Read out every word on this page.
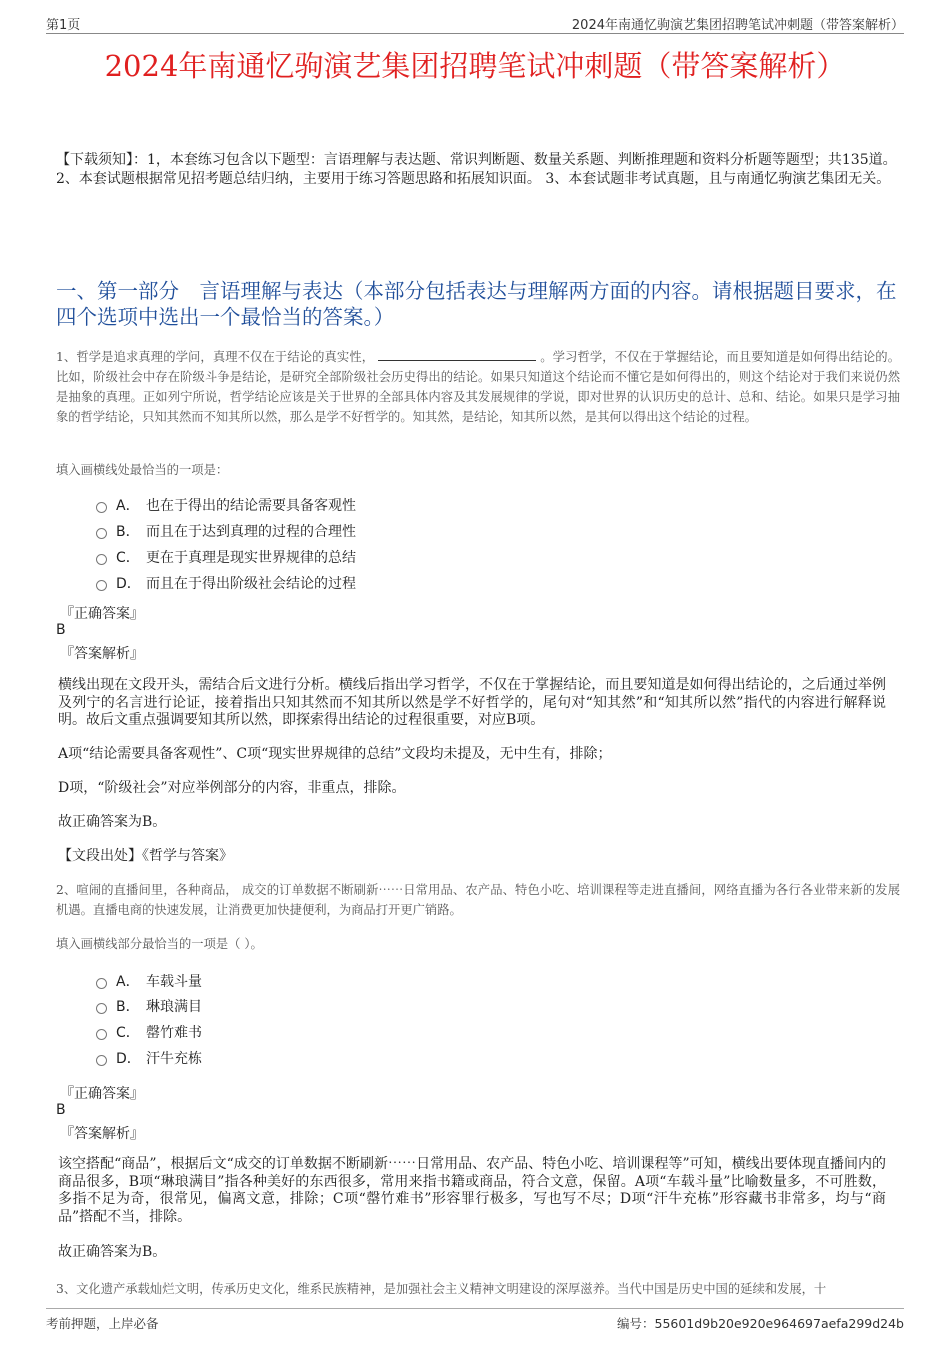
第1页	2024年南通忆驹演艺集团招聘笔试冲刺题（带答案解析）
2024年南通忆驹演艺集团招聘笔试冲刺题（带答案解析）
【下载须知】：1，本套练习包含以下题型：言语理解与表达题、常识判断题、数量关系题、判断推理题和资料分析题等题型；共135道。 2、本套试题根据常见招考题总结归纳，主要用于练习答题思路和拓展知识面。 3、本套试题非考试真题，且与南通忆驹演艺集团无关。
一、第一部分　言语理解与表达（本部分包括表达与理解两方面的内容。请根据题目要求，在四个选项中选出一个最恰当的答案。）
1、哲学是追求真理的学问，真理不仅在于结论的真实性，	。学习哲学，不仅在于掌握结论，而且要知道是如何得出结论的。比如，阶级社会中存在阶级斗争是结论，是研究全部阶级社会历史得出的结论。如果只知道这个结论而不懂它是如何得出的，则这个结论对于我们来说仍然是抽象的真理。正如列宁所说，哲学结论应该是关于世界的全部具体内容及其发展规律的学说，即对世界的认识历史的总计、总和、结论。如果只是学习抽象的哲学结论，只知其然而不知其所以然，那么是学不好哲学的。知其然，是结论，知其所以然，是其何以得出这个结论的过程。
填入画横线处最恰当的一项是：
A． 也在于得出的结论需要具备客观性
B． 而且在于达到真理的过程的合理性
C． 更在于真理是现实世界规律的总结
D． 而且在于得出阶级社会结论的过程
『正确答案』
B
『答案解析』
横线出现在文段开头，需结合后文进行分析。横线后指出学习哲学，不仅在于掌握结论，而且要知道是如何得出结论的，之后通过举例及列宁的名言进行论证，接着指出只知其然而不知其所以然是学不好哲学的，尾句对“知其然”和“知其所以然”指代的内容进行解释说明。故后文重点强调要知其所以然，即探索得出结论的过程很重要，对应B项。
A项“结论需要具备客观性”、C项“现实世界规律的总结”文段均未提及，无中生有，排除；
D项，“阶级社会”对应举例部分的内容，非重点，排除。
故正确答案为B。
【文段出处】《哲学与答案》
2、喧闹的直播间里，各种商品， 成交的订单数据不断刷新⋯⋯日常用品、农产品、特色小吃、培训课程等走进直播间，网络直播为各行各业带来新的发展机遇。直播电商的快速发展，让消费更加快捷便利，为商品打开更广销路。
填入画横线部分最恰当的一项是（ ）。
A． 车载斗量
B． 琳琅满目
C． 罄竹难书
D． 汗牛充栋
『正确答案』
B
『答案解析』
该空搭配“商品”，根据后文“成交的订单数据不断刷新⋯⋯日常用品、农产品、特色小吃、培训课程等”可知，横线出要体现直播间内的商品很多，B项“琳琅满目”指各种美好的东西很多，常用来指书籍或商品，符合文意，保留。A项“车载斗量”比喻数量多，不可胜数，多指不足为奇，很常见，偏离文意，排除；C项“罄竹难书”形容罪行极多，写也写不尽；D项“汗牛充栋”形容藏书非常多，均与“商品”搭配不当，排除。
故正确答案为B。
3、文化遗产承载灿烂文明，传承历史文化，维系民族精神，是加强社会主义精神文明建设的深厚滋养。当代中国是历史中国的延续和发展，十
考前押题，上岸必备	编号：55601d9b20e920e964697aefa299d24b
